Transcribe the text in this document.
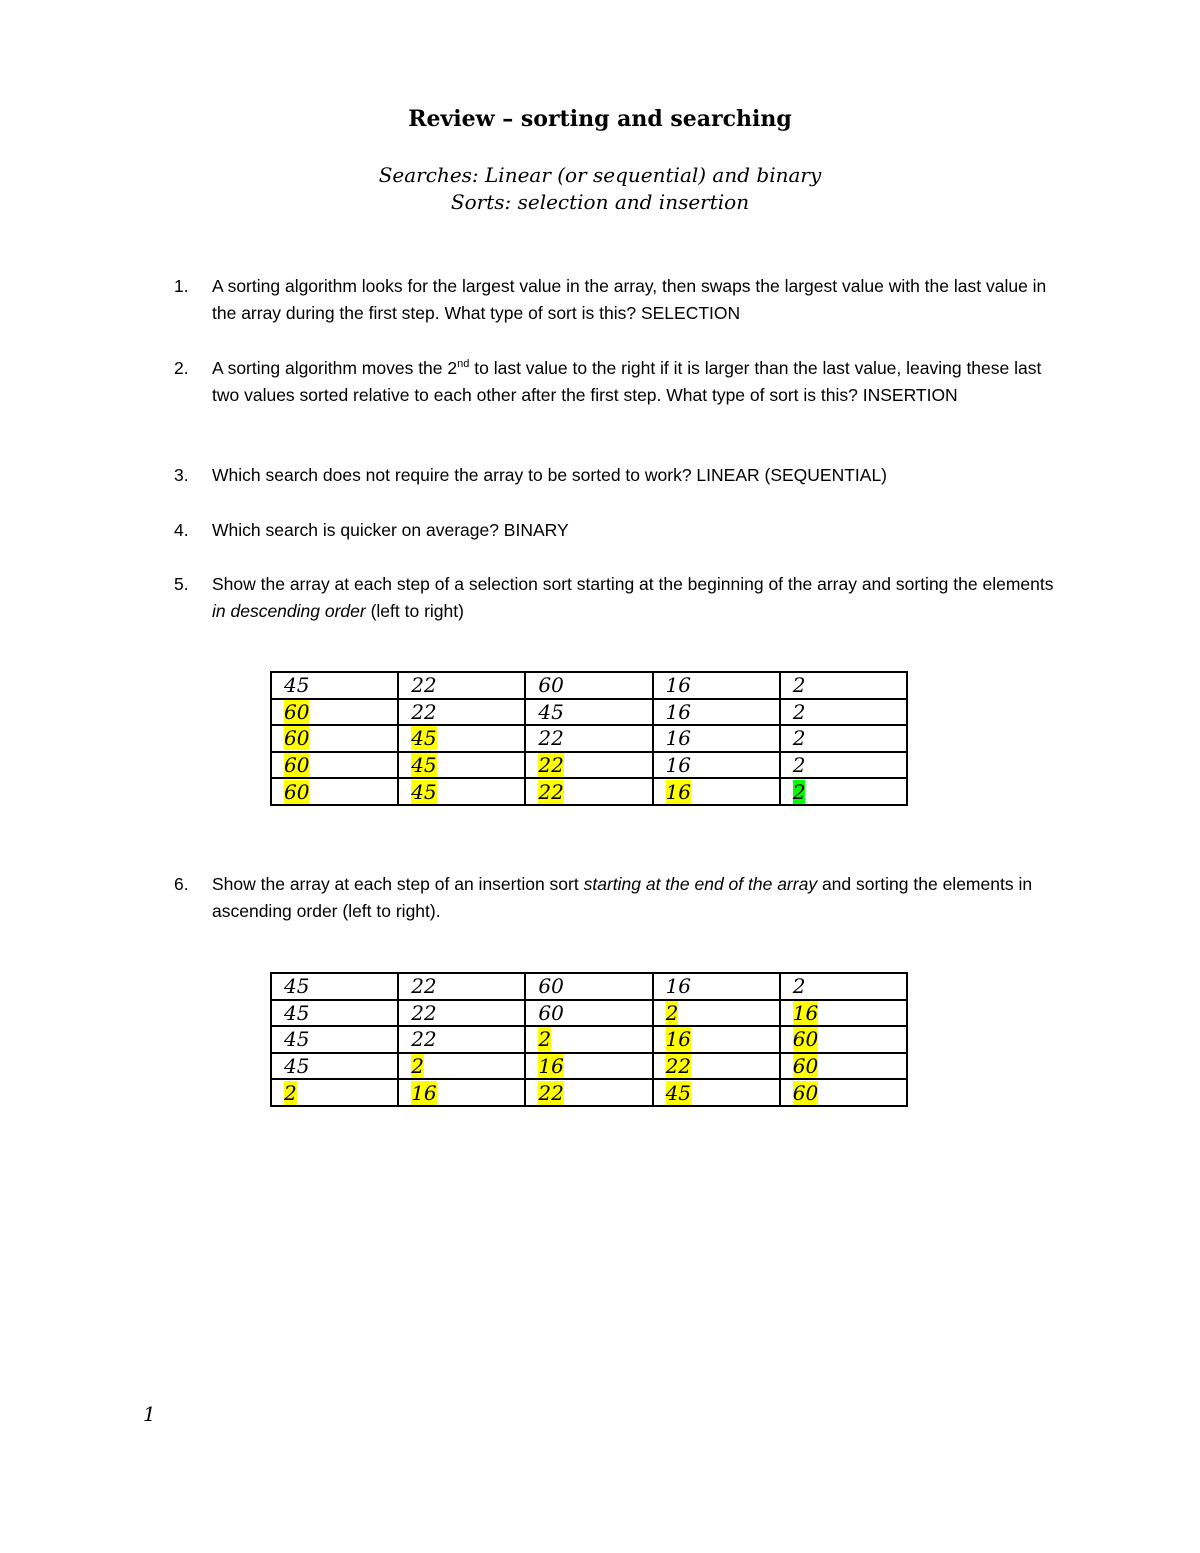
Review – sorting and searching
Searches: Linear (or sequential) and binary
Sorts: selection and insertion
1.	A sorting algorithm looks for the largest value in the array, then swaps the largest value with the last value in the array during the first step. What type of sort is this? SELECTION
2.	A sorting algorithm moves the 2nd to last value to the right if it is larger than the last value, leaving these last two values sorted relative to each other after the first step. What type of sort is this? INSERTION
3.	Which search does not require the array to be sorted to work? LINEAR (SEQUENTIAL)
4.	Which search is quicker on average? BINARY
5.	Show the array at each step of a selection sort starting at the beginning of the array and sorting the elements in descending order (left to right)
45	22	60	16	2
60	22	45	16	2
60	45	22	16	2
60	45	22	16	2
60	45	22	16	2
6.	Show the array at each step of an insertion sort starting at the end of the array and sorting the elements in ascending order (left to right).
45	22	60	16	2
45	22	60	2	16
45	22	2	16	60
45	2	16	22	60
2	16	22	45	60
1
